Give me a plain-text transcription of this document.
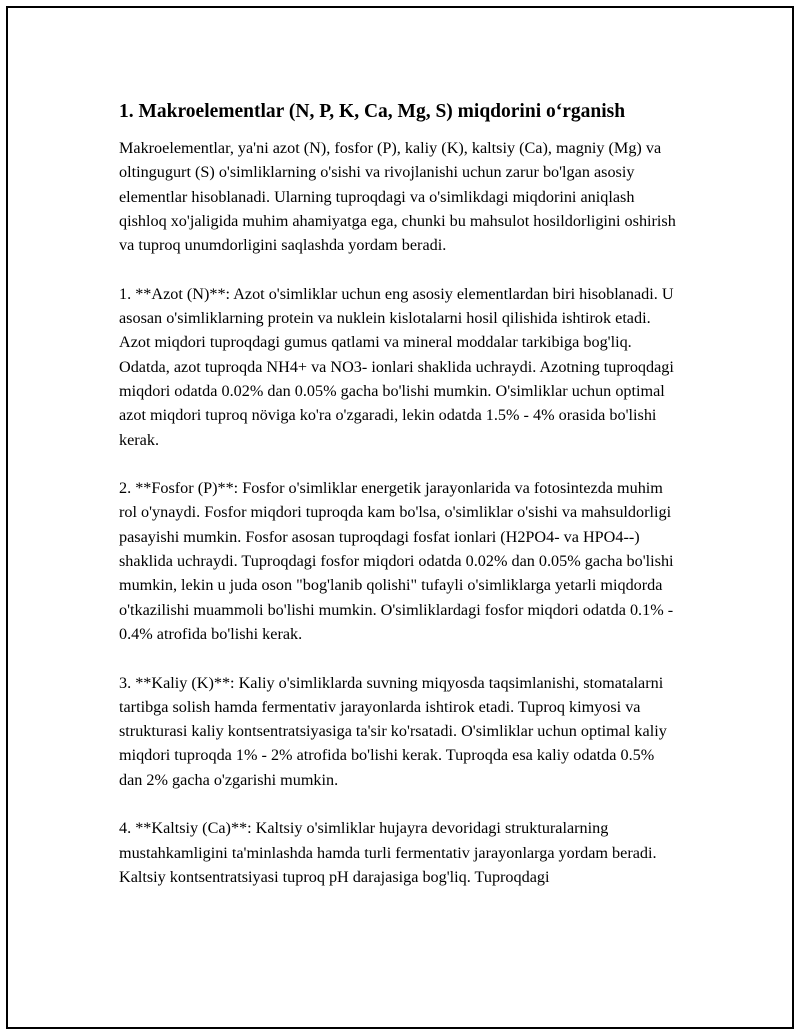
1. Makroelementlar (N, P, K, Ca, Mg, S) miqdorini o‘rganish

Makroelementlar, ya'ni azot (N), fosfor (P), kaliy (K), kaltsiy (Ca), magniy (Mg) va oltingugurt (S) o'simliklarning o'sishi va rivojlanishi uchun zarur bo'lgan asosiy elementlar hisoblanadi. Ularning tuproqdagi va o'simlikdagi miqdorini aniqlash qishloq xo'jaligida muhim ahamiyatga ega, chunki bu mahsulot hosildorligini oshirish va tuproq unumdorligini saqlashda yordam beradi.

1. **Azot (N)**: Azot o'simliklar uchun eng asosiy elementlardan biri hisoblanadi. U asosan o'simliklarning protein va nuklein kislotalarni hosil qilishida ishtirok etadi. Azot miqdori tuproqdagi gumus qatlami va mineral moddalar tarkibiga bog'liq. Odatda, azot tuproqda NH4+ va NO3- ionlari shaklida uchraydi. Azotning tuproqdagi miqdori odatda 0.02% dan 0.05% gacha bo'lishi mumkin. O'simliklar uchun optimal azot miqdori tuproq növiga ko'ra o'zgaradi, lekin odatda 1.5% - 4% orasida bo'lishi kerak.

2. **Fosfor (P)**: Fosfor o'simliklar energetik jarayonlarida va fotosintezda muhim rol o'ynaydi. Fosfor miqdori tuproqda kam bo'lsa, o'simliklar o'sishi va mahsuldorligi pasayishi mumkin. Fosfor asosan tuproqdagi fosfat ionlari (H2PO4- va HPO4--) shaklida uchraydi. Tuproqdagi fosfor miqdori odatda 0.02% dan 0.05% gacha bo'lishi mumkin, lekin u juda oson "bog'lanib qolishi" tufayli o'simliklarga yetarli miqdorda o'tkazilishi muammoli bo'lishi mumkin. O'simliklardagi fosfor miqdori odatda 0.1% - 0.4% atrofida bo'lishi kerak.

3. **Kaliy (K)**: Kaliy o'simliklarda suvning miqyosda taqsimlanishi, stomatalarni tartibga solish hamda fermentativ jarayonlarda ishtirok etadi. Tuproq kimyosi va strukturasi kaliy kontsentratsiyasiga ta'sir ko'rsatadi. O'simliklar uchun optimal kaliy miqdori tuproqda 1% - 2% atrofida bo'lishi kerak. Tuproqda esa kaliy odatda 0.5% dan 2% gacha o'zgarishi mumkin.

4. **Kaltsiy (Ca)**: Kaltsiy o'simliklar hujayra devoridagi strukturalarning mustahkamligini ta'minlashda hamda turli fermentativ jarayonlarga yordam beradi. Kaltsiy kontsentratsiyasi tuproq pH darajasiga bog'liq. Tuproqdagi
